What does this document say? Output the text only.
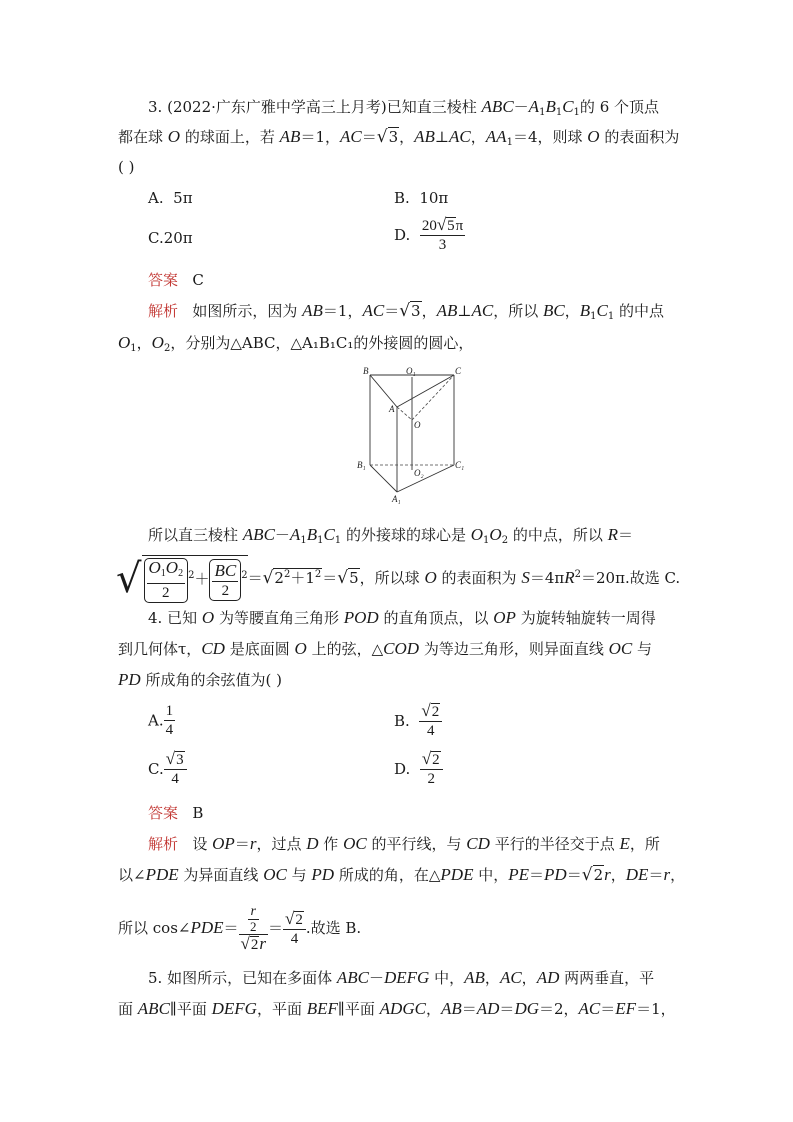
3. (2022·广东广雅中学高三上月考)已知直三棱柱 $ABC-A_1B_1C_1$的 6 个顶点
都在球 O 的球面上，若 AB＝1，AC＝√3，AB⊥AC，$AA_1=4$，则球 O 的表面积为
( )
A. 5π	B. 10π
C.20π	D. $\frac{20√5\pi}{3}$
答案 C
解析 如图所示，因为 AB＝1，AC＝√3，AB⊥AC，所以 BC，$B_1C_1$ 的中点
$O_1$，$O_2$，分别为△ABC，△A₁B₁C₁的外接圆的圆心，
B	O₁	C
A
O
B₁
O₂
C₁
A₁
所以直三棱柱 $ABC-A_1B_1C_1$ 的外接球的球心是 $O_1O_2$ 的中点，所以 R＝
√ $\frac{O_1O_2}{2} ^2+ \frac{BC}{2} ^2=√2^2+1^2=√5$，所以球 O 的表面积为 $S=4\pi R^2=20\pi$.故选 C.
4. 已知 O 为等腰直角三角形 POD 的直角顶点，以 OP 为旋转轴旋转一周得
到几何体τ，CD 是底面圆 O 上的弦，△COD 为等边三角形，则异面直线 OC 与
PD 所成角的余弦值为( )
A. $\frac{1}{4}$	B. $\frac{√2}{4}$
C. $\frac{√3}{4}$	D. $\frac{√2}{2}$
答案 B
解析 设 OP＝r，过点 D 作 OC 的平行线，与 CD 平行的半径交于点 E，所
以∠PDE 为异面直线 OC 与 PD 所成的角，在△PDE 中，PE＝PD＝√2r，DE＝r，
所以 cos∠PDE＝ $\frac{\frac{r}{2}}{√2r} = \frac{√2}{4}$ .故选 B.
5. 如图所示，已知在多面体 ABC－DEFG 中，AB，AC，AD 两两垂直，平
面 ABC∥平面 DEFG，平面 BEF∥平面 ADGC，AB＝AD＝DG＝2，AC＝EF＝1，
